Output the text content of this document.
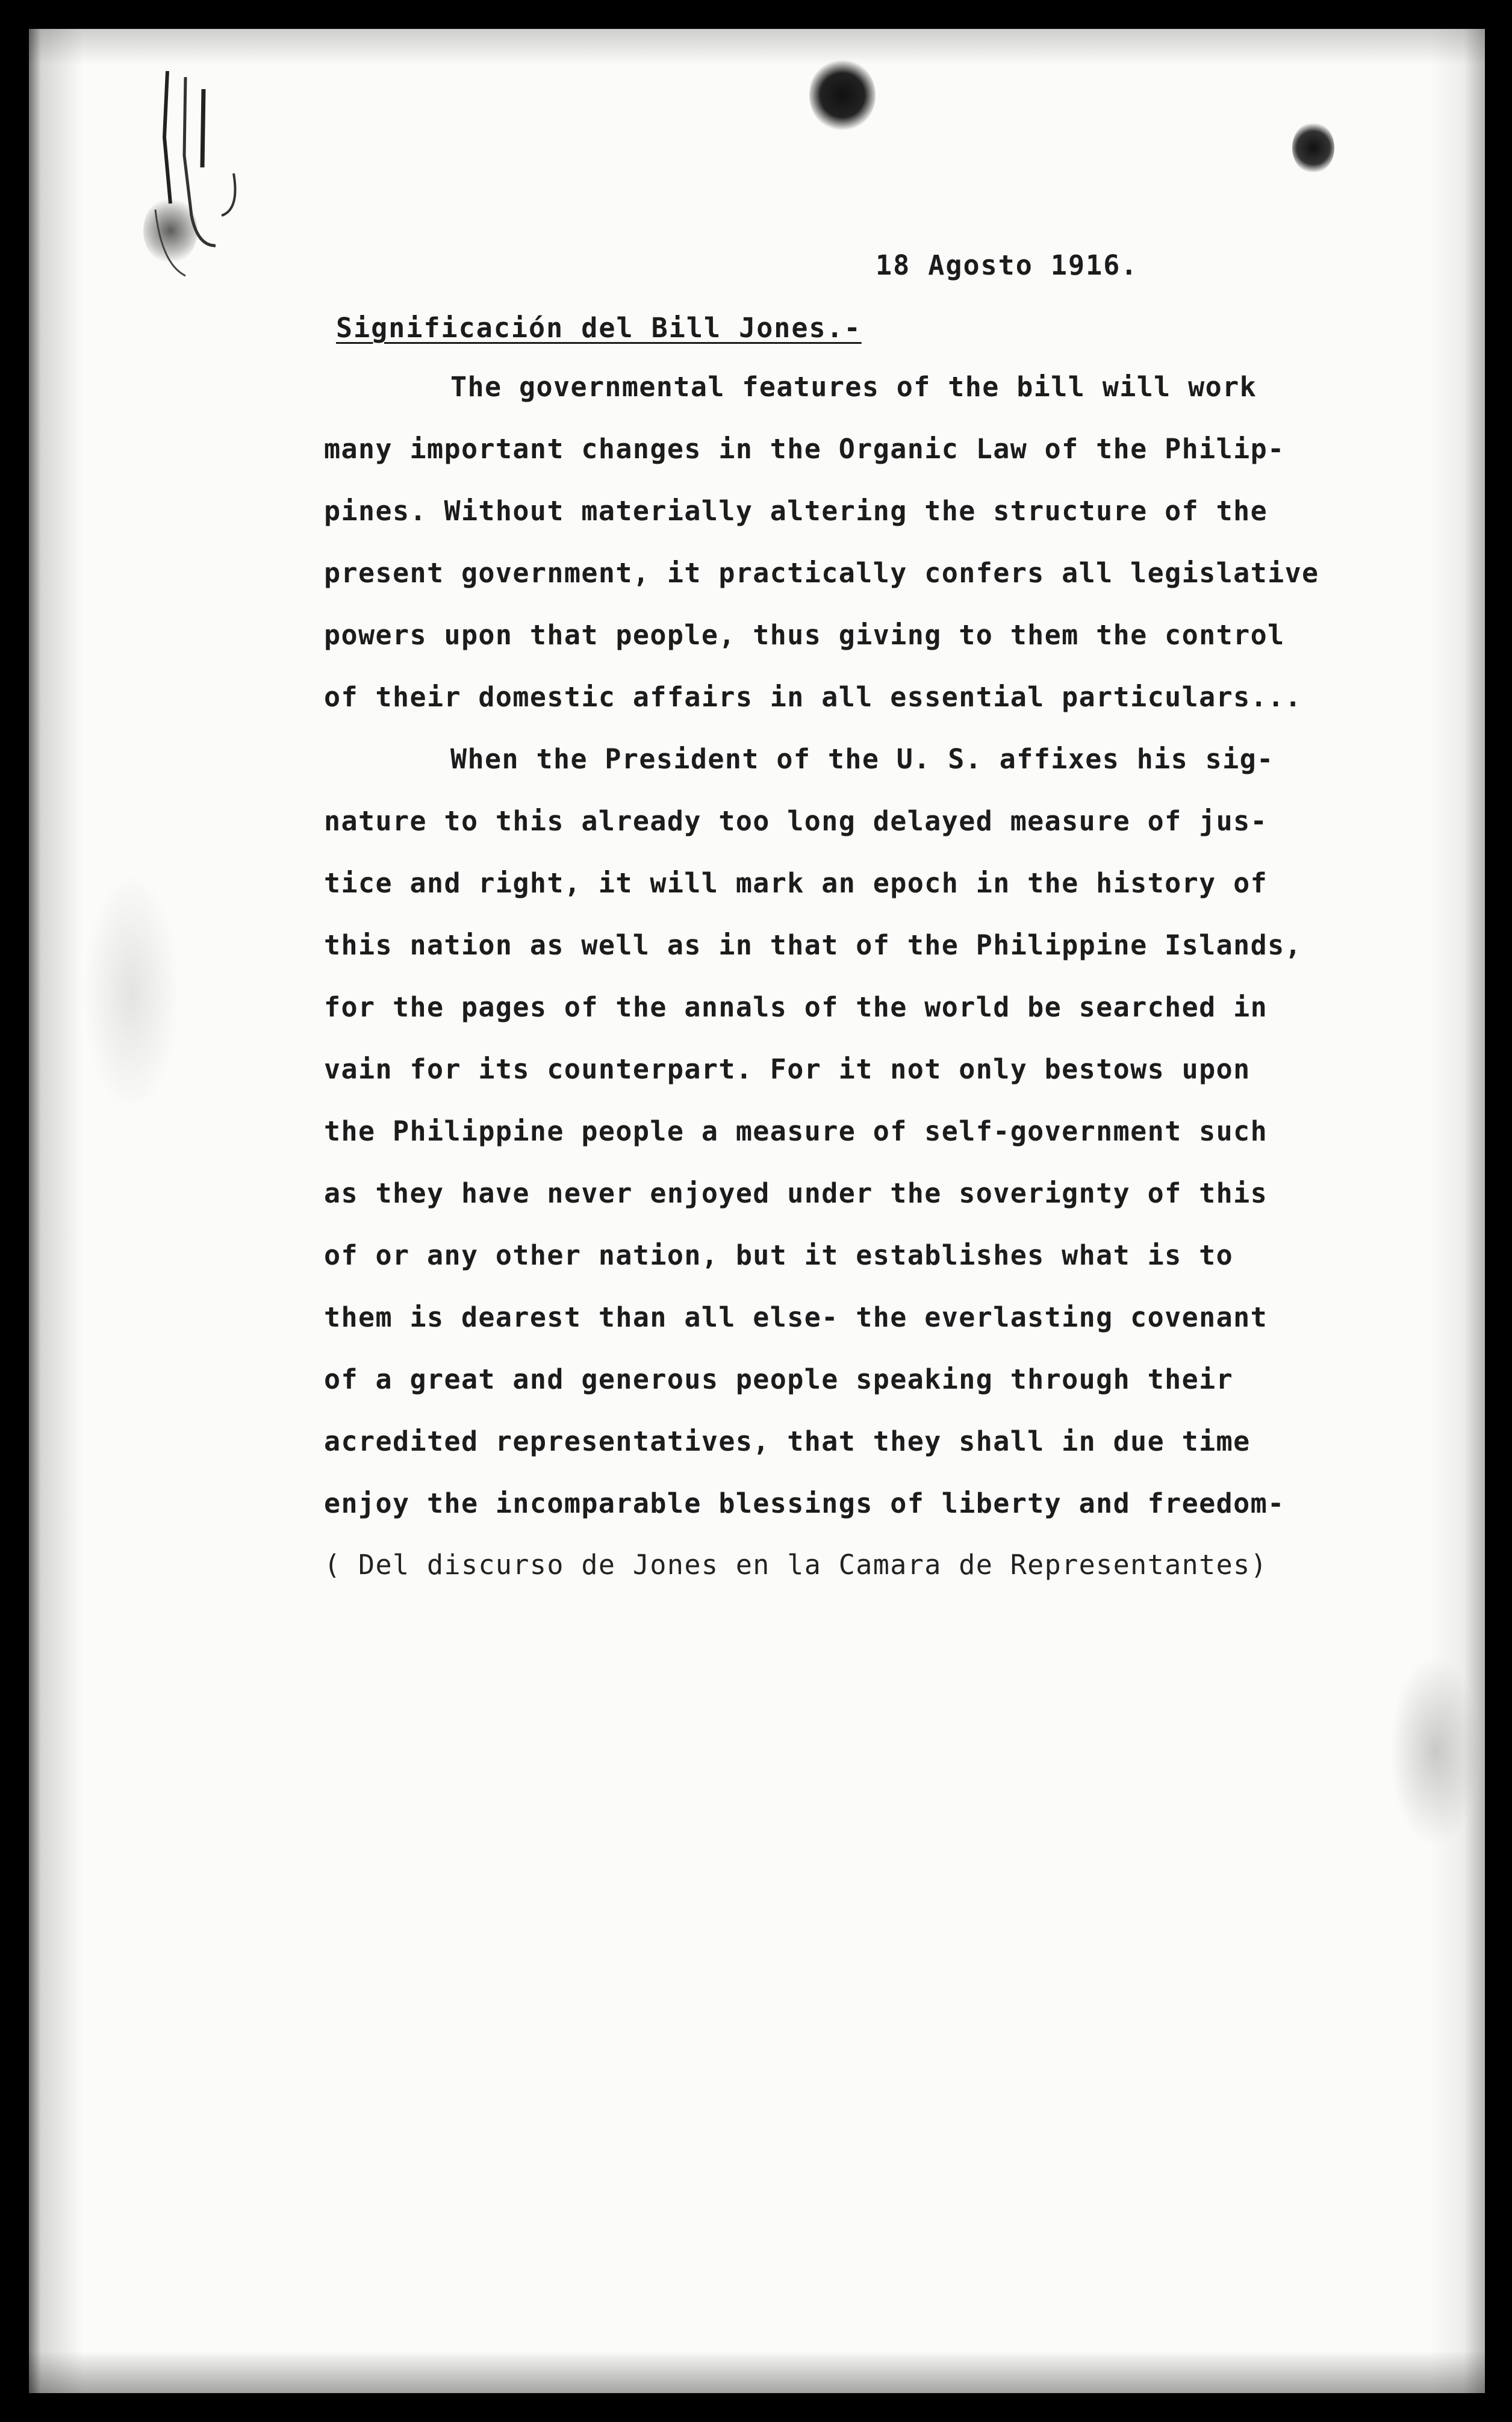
18 Agosto 1916.

Significación del Bill Jones.-

The governmental features of the bill will work
many important changes in the Organic Law of the Philip-
pines. Without materially altering the structure of the
present government, it practically confers all legislative
powers upon that people, thus giving to them the control
of their domestic affairs in all essential particulars...
When the President of the U. S. affixes his sig-
nature to this already too long delayed measure of jus-
tice and right, it will mark an epoch in the history of
this nation as well as in that of the Philippine Islands,
for the pages of the annals of the world be searched in
vain for its counterpart. For it not only bestows upon
the Philippine people a measure of self-government such
as they have never enjoyed under the soverignty of this
of or any other nation, but it establishes what is to
them is dearest than all else- the everlasting covenant
of a great and generous people speaking through their
acredited representatives, that they shall in due time
enjoy the incomparable blessings of liberty and freedom-
( Del discurso de Jones en la Camara de Representantes)
